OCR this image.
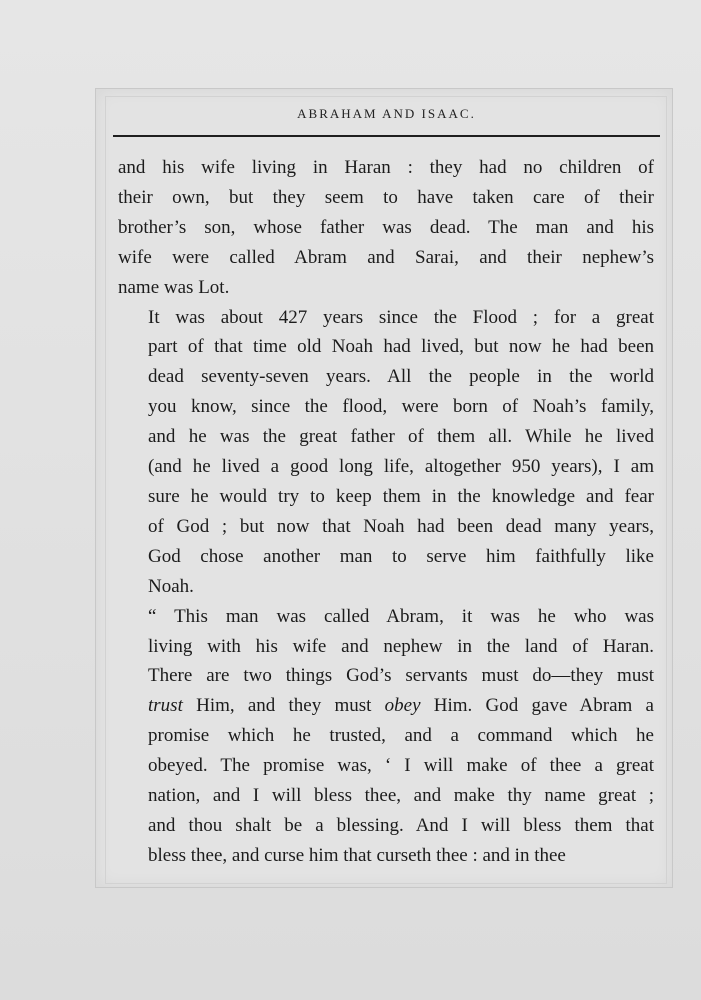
ABRAHAM AND ISAAC.
and his wife living in Haran : they had no children of
their own, but they seem to have taken care of their
brother’s son, whose father was dead. The man and his
wife were called Abram and Sarai, and their nephew’s
name was Lot.
It was about 427 years since the Flood ; for a great
part of that time old Noah had lived, but now he had been
dead seventy-seven years. All the people in the world
you know, since the flood, were born of Noah’s family,
and he was the great father of them all. While he lived
(and he lived a good long life, altogether 950 years), I am
sure he would try to keep them in the knowledge and fear
of God ; but now that Noah had been dead many years,
God chose another man to serve him faithfully like
Noah.
“ This man was called Abram, it was he who was
living with his wife and nephew in the land of Haran.
There are two things God’s servants must do—they must
trust Him, and they must obey Him. God gave Abram a
promise which he trusted, and a command which he
obeyed. The promise was, ‘ I will make of thee a great
nation, and I will bless thee, and make thy name great ;
and thou shalt be a blessing. And I will bless them that
bless thee, and curse him that curseth thee : and in thee
